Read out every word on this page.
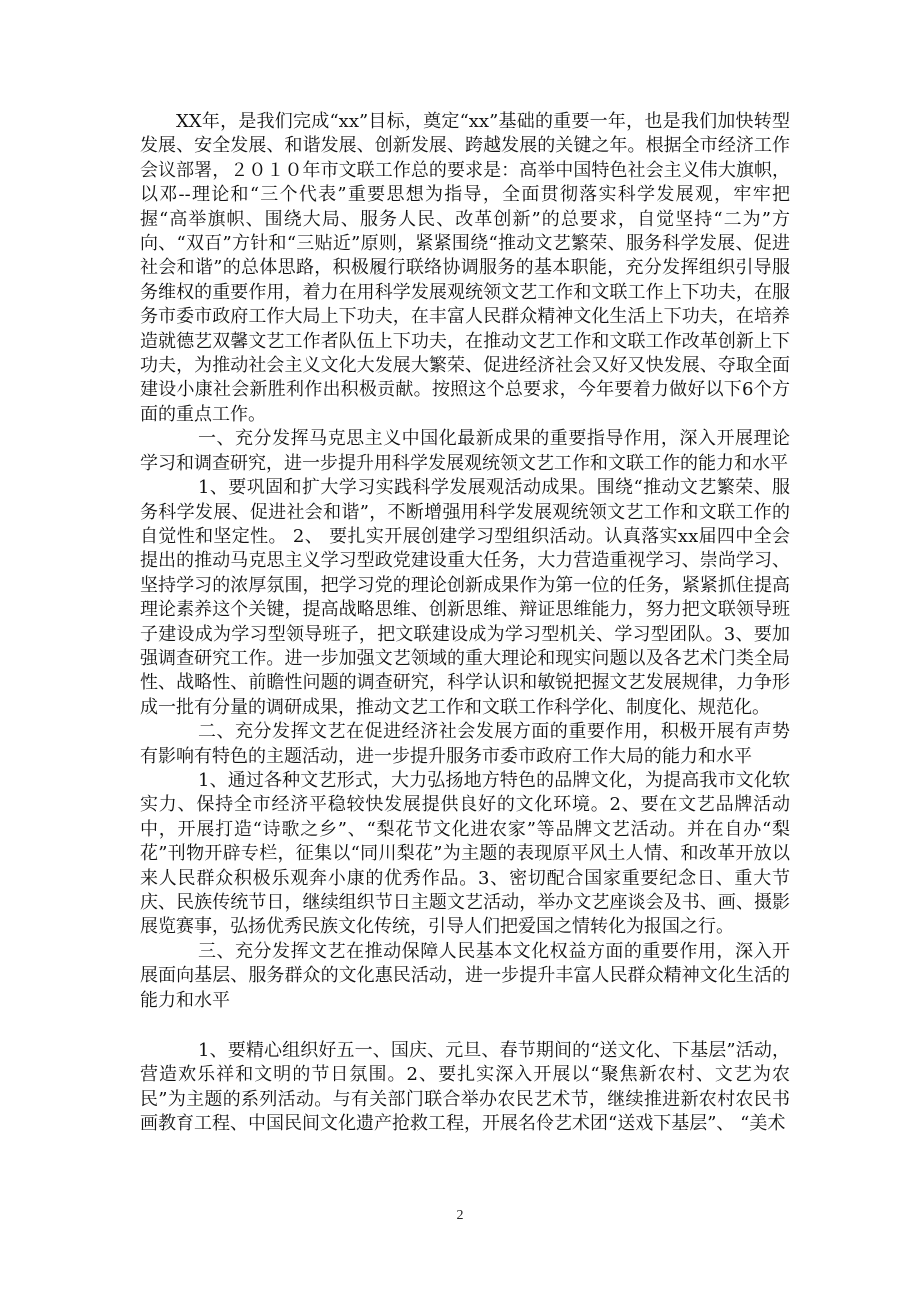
XX年，是我们完成“xx”目标，奠定“xx”基础的重要一年，也是我们加快转型发展、安全发展、和谐发展、创新发展、跨越发展的关键之年。根据全市经济工作会议部署，２０１０年市文联工作总的要求是：高举中国特色社会主义伟大旗帜，以邓--理论和“三个代表”重要思想为指导，全面贯彻落实科学发展观，牢牢把握“高举旗帜、围绕大局、服务人民、改革创新”的总要求，自觉坚持“二为”方向、“双百”方针和“三贴近”原则，紧紧围绕“推动文艺繁荣、服务科学发展、促进社会和谐”的总体思路，积极履行联络协调服务的基本职能，充分发挥组织引导服务维权的重要作用，着力在用科学发展观统领文艺工作和文联工作上下功夫，在服务市委市政府工作大局上下功夫，在丰富人民群众精神文化生活上下功夫，在培养造就德艺双馨文艺工作者队伍上下功夫，在推动文艺工作和文联工作改革创新上下功夫，为推动社会主义文化大发展大繁荣、促进经济社会又好又快发展、夺取全面建设小康社会新胜利作出积极贡献。按照这个总要求，今年要着力做好以下6个方面的重点工作。

一、充分发挥马克思主义中国化最新成果的重要指导作用，深入开展理论学习和调查研究，进一步提升用科学发展观统领文艺工作和文联工作的能力和水平

1、要巩固和扩大学习实践科学发展观活动成果。围绕“推动文艺繁荣、服务科学发展、促进社会和谐”，不断增强用科学发展观统领文艺工作和文联工作的自觉性和坚定性。 2、 要扎实开展创建学习型组织活动。认真落实xx届四中全会提出的推动马克思主义学习型政党建设重大任务，大力营造重视学习、崇尚学习、坚持学习的浓厚氛围，把学习党的理论创新成果作为第一位的任务，紧紧抓住提高理论素养这个关键，提高战略思维、创新思维、辩证思维能力，努力把文联领导班子建设成为学习型领导班子，把文联建设成为学习型机关、学习型团队。3、要加强调查研究工作。进一步加强文艺领域的重大理论和现实问题以及各艺术门类全局性、战略性、前瞻性问题的调查研究，科学认识和敏锐把握文艺发展规律，力争形成一批有分量的调研成果，推动文艺工作和文联工作科学化、制度化、规范化。

二、充分发挥文艺在促进经济社会发展方面的重要作用，积极开展有声势有影响有特色的主题活动，进一步提升服务市委市政府工作大局的能力和水平

1、通过各种文艺形式，大力弘扬地方特色的品牌文化，为提高我市文化软实力、保持全市经济平稳较快发展提供良好的文化环境。2、要在文艺品牌活动中，开展打造“诗歌之乡”、“梨花节文化进农家”等品牌文艺活动。并在自办“梨花”刊物开辟专栏，征集以“同川梨花”为主题的表现原平风土人情、和改革开放以来人民群众积极乐观奔小康的优秀作品。3、密切配合国家重要纪念日、重大节庆、民族传统节日，继续组织节日主题文艺活动，举办文艺座谈会及书、画、摄影展览赛事，弘扬优秀民族文化传统，引导人们把爱国之情转化为报国之行。

三、充分发挥文艺在推动保障人民基本文化权益方面的重要作用，深入开展面向基层、服务群众的文化惠民活动，进一步提升丰富人民群众精神文化生活的能力和水平

1、要精心组织好五一、国庆、元旦、春节期间的“送文化、下基层”活动，营造欢乐祥和文明的节日氛围。2、要扎实深入开展以“聚焦新农村、文艺为农民”为主题的系列活动。与有关部门联合举办农民艺术节，继续推进新农村农民书画教育工程、中国民间文化遗产抢救工程，开展名伶艺术团“送戏下基层”、 “美术

2
